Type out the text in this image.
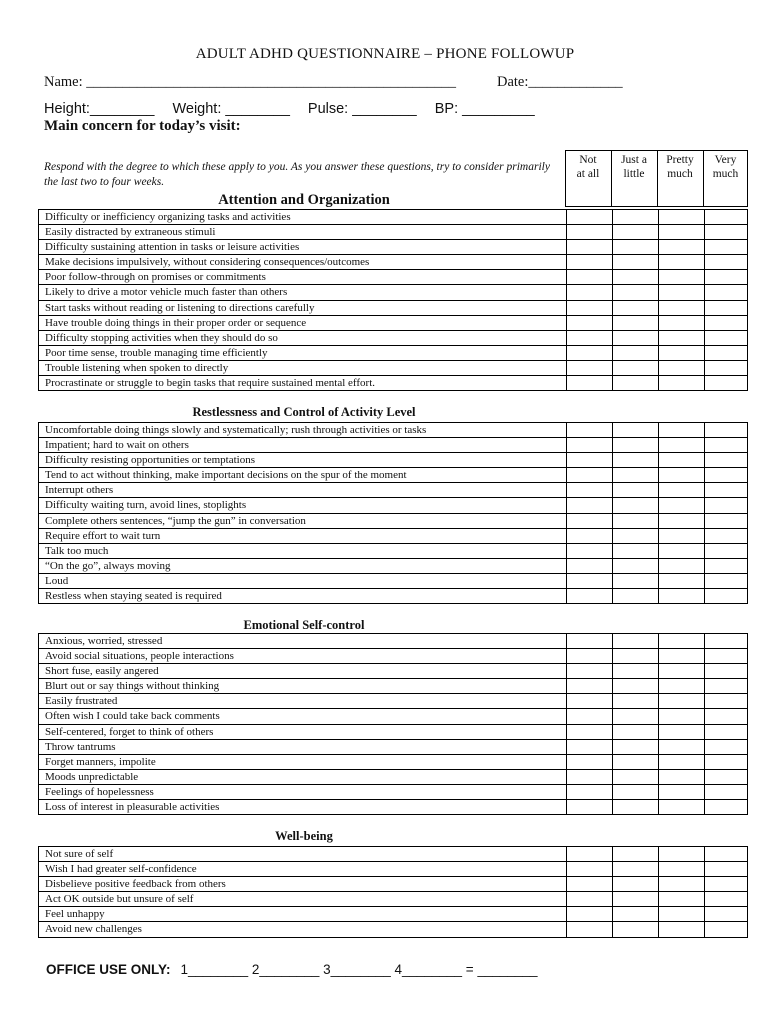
ADULT ADHD QUESTIONNAIRE – PHONE FOLLOWUP
Name: ___________________________________________________	Date:_____________
Height:________ Weight: ________ Pulse: ________ BP: _________
Main concern for today’s visit:
Respond with the degree to which these apply to you. As you answer these questions, try to consider primarily the last two to four weeks.
Not
at all
Just a
little
Pretty
much
Very
much
Attention and Organization
Difficulty or inefficiency organizing tasks and activities
Easily distracted by extraneous stimuli
Difficulty sustaining attention in tasks or leisure activities
Make decisions impulsively, without considering consequences/outcomes
Poor follow-through on promises or commitments
Likely to drive a motor vehicle much faster than others
Start tasks without reading or listening to directions carefully
Have trouble doing things in their proper order or sequence
Difficulty stopping activities when they should do so
Poor time sense, trouble managing time efficiently
Trouble listening when spoken to directly
Procrastinate or struggle to begin tasks that require sustained mental effort.
Restlessness and Control of Activity Level
Uncomfortable doing things slowly and systematically; rush through activities or tasks
Impatient; hard to wait on others
Difficulty resisting opportunities or temptations
Tend to act without thinking, make important decisions on the spur of the moment
Interrupt others
Difficulty waiting turn, avoid lines, stoplights
Complete others sentences, “jump the gun” in conversation
Require effort to wait turn
Talk too much
“On the go”, always moving
Loud
Restless when staying seated is required
Emotional Self-control
Anxious, worried, stressed
Avoid social situations, people interactions
Short fuse, easily angered
Blurt out or say things without thinking
Easily frustrated
Often wish I could take back comments
Self-centered, forget to think of others
Throw tantrums
Forget manners, impolite
Moods unpredictable
Feelings of hopelessness
Loss of interest in pleasurable activities
Well-being
Not sure of self
Wish I had greater self-confidence
Disbelieve positive feedback from others
Act OK outside but unsure of self
Feel unhappy
Avoid new challenges
OFFICE USE ONLY: 1________ 2________ 3________ 4________ = ________
